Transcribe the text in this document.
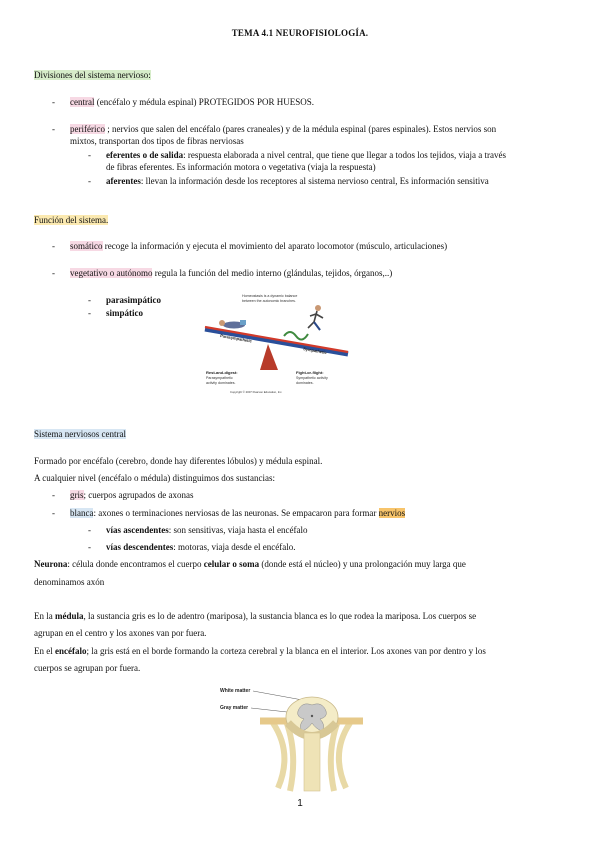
TEMA 4.1 NEUROFISIOLOGÍA.
Divisiones del sistema nervioso:
- central (encéfalo y médula espinal) PROTEGIDOS POR HUESOS.
- periférico ; nervios que salen del encéfalo (pares craneales) y de la médula espinal (pares espinales). Estos nervios son
mixtos, transportan dos tipos de fibras nerviosas
- eferentes o de salida: respuesta elaborada a nivel central, que tiene que llegar a todos los tejidos, viaja a través
de fibras eferentes. Es información motora o vegetativa (viaja la respuesta)
- aferentes: llevan la información desde los receptores al sistema nervioso central, Es información sensitiva
Función del sistema.
- somático recoge la información y ejecuta el movimiento del aparato locomotor (músculo, articulaciones)
- vegetativo o autónomo regula la función del medio interno (glándulas, tejidos, órganos,..)
- parasimpático
- simpático
Homeostasis is a dynamic balance
between the autonomic branches.
Parasympathetic
Sympathetic
Rest-and-digest:
Parasympathetic
activity dominates.
Fight-or-flight:
Sympathetic activity
dominates.
Copyright © 2007 Pearson Education, Inc.
Sistema nerviosos central
Formado por encéfalo (cerebro, donde hay diferentes lóbulos) y médula espinal.
A cualquier nivel (encéfalo o médula) distinguimos dos sustancias:
- gris; cuerpos agrupados de axonas
- blanca: axones o terminaciones nerviosas de las neuronas. Se empacaron para formar nervios
- vías ascendentes: son sensitivas, viaja hasta el encéfalo
- vías descendentes: motoras, viaja desde el encéfalo.
Neurona: célula donde encontramos el cuerpo celular o soma (donde está el núcleo) y una prolongación muy larga que
denominamos axón
En la médula, la sustancia gris es lo de adentro (mariposa), la sustancia blanca es lo que rodea la mariposa. Los cuerpos se
agrupan en el centro y los axones van por fuera.
En el encéfalo; la gris está en el borde formando la corteza cerebral y la blanca en el interior. Los axones van por dentro y los
cuerpos se agrupan por fuera.
White matter
Gray matter
1
